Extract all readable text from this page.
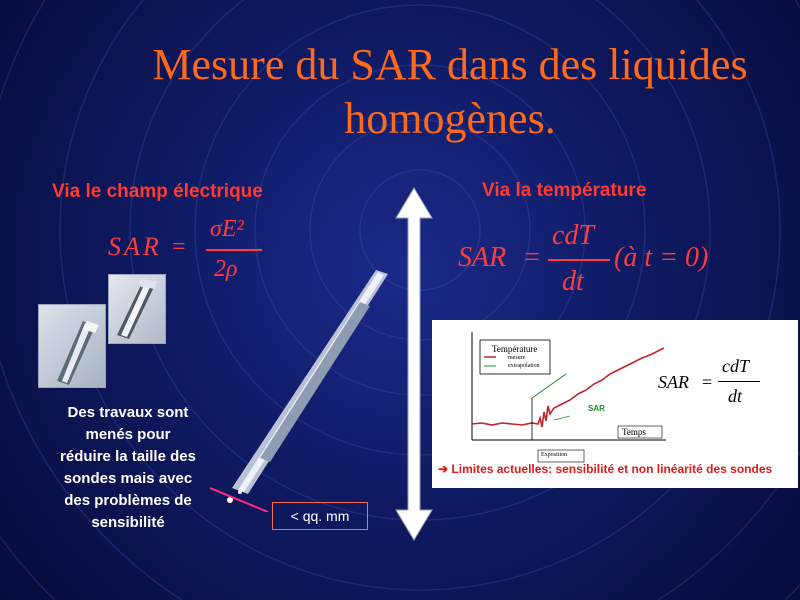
Mesure du SAR dans des liquides homogènes.
Via le champ électrique
SAR =
σE²
2ρ
Des travaux sont menés pour réduire la taille des sondes mais avec des problèmes de sensibilité	< qq. mm
Via la température
SAR =
cdT
dt
(à t = 0)
Température
mesure
extrapolation
SAR
Temps
Exposition
SAR =
cdT
dt
➔ Limites actuelles: sensibilité et non linéarité des sondes
